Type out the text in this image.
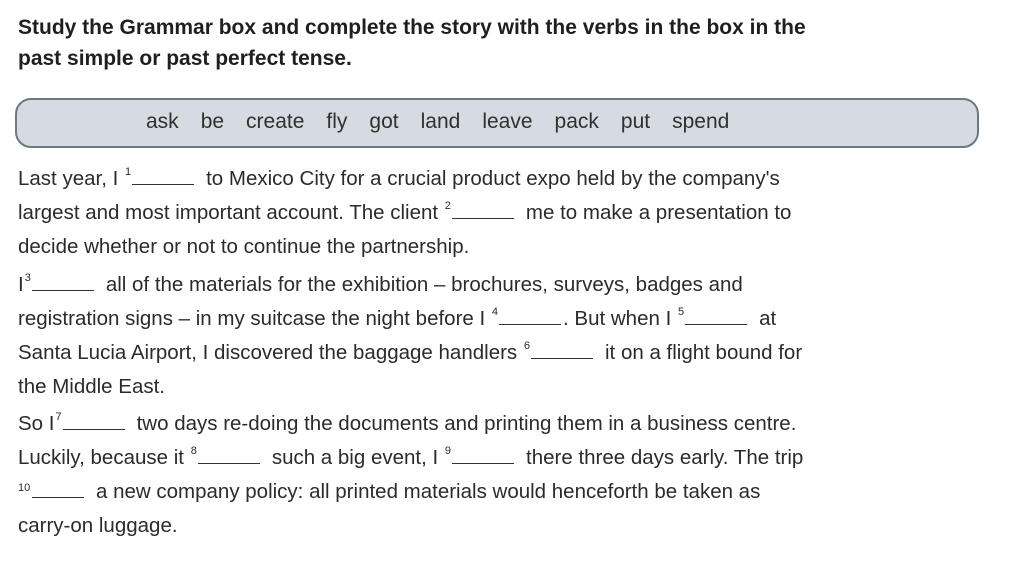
Study the Grammar box and complete the story with the verbs in the box in the
past simple or past perfect tense.
ask be create fly got land leave pack put spend
Last year, I $^1$	to Mexico City for a crucial product expo held by the company's
largest and most important account. The client $^2$	me to make a presentation to
decide whether or not to continue the partnership.
$I^3$	all of the materials for the exhibition – brochures, surveys, badges and
registration signs – in my suitcase the night before I $^4$	. But when I $^5$	at
Santa Lucia Airport, I discovered the baggage handlers $^6$	it on a flight bound for
the Middle East.
So $I^7$	two days re-doing the documents and printing them in a business centre.
Luckily, because it $^8$	such a big event, I $^9$	there three days early. The trip
10	a new company policy: all printed materials would henceforth be taken as
carry-on luggage.
